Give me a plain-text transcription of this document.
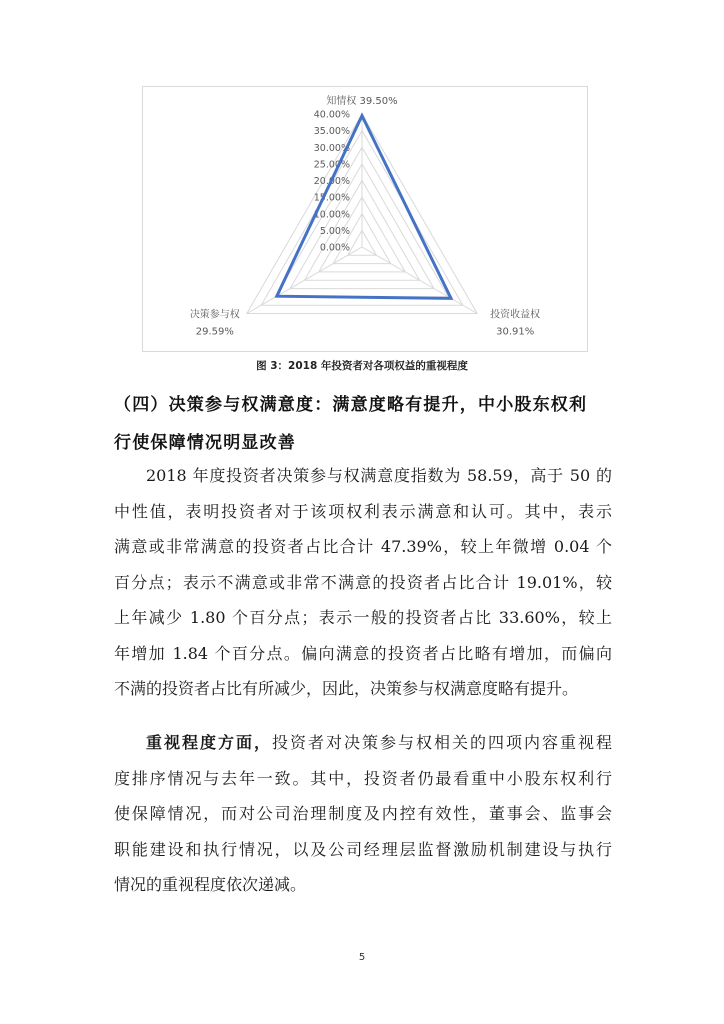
0.00%
5.00%
10.00%
15.00%
20.00%
25.00%
30.00%
35.00%
40.00%
知情权 39.50%
投资收益权
30.91%
决策参与权
29.59%
图 3：2018 年投资者对各项权益的重视程度
（四）决策参与权满意度：满意度略有提升，中小股东权利
行使保障情况明显改善
2018 年度投资者决策参与权满意度指数为 58.59，高于 50 的
中性值，表明投资者对于该项权利表示满意和认可。其中，表示
满意或非常满意的投资者占比合计 47.39%，较上年微增 0.04 个
百分点；表示不满意或非常不满意的投资者占比合计 19.01%，较
上年减少 1.80 个百分点；表示一般的投资者占比 33.60%，较上
年增加 1.84 个百分点。偏向满意的投资者占比略有增加，而偏向
不满的投资者占比有所减少，因此，决策参与权满意度略有提升。
重视程度方面，投资者对决策参与权相关的四项内容重视程
度排序情况与去年一致。其中，投资者仍最看重中小股东权利行
使保障情况，而对公司治理制度及内控有效性，董事会、监事会
职能建设和执行情况，以及公司经理层监督激励机制建设与执行
情况的重视程度依次递减。
5
